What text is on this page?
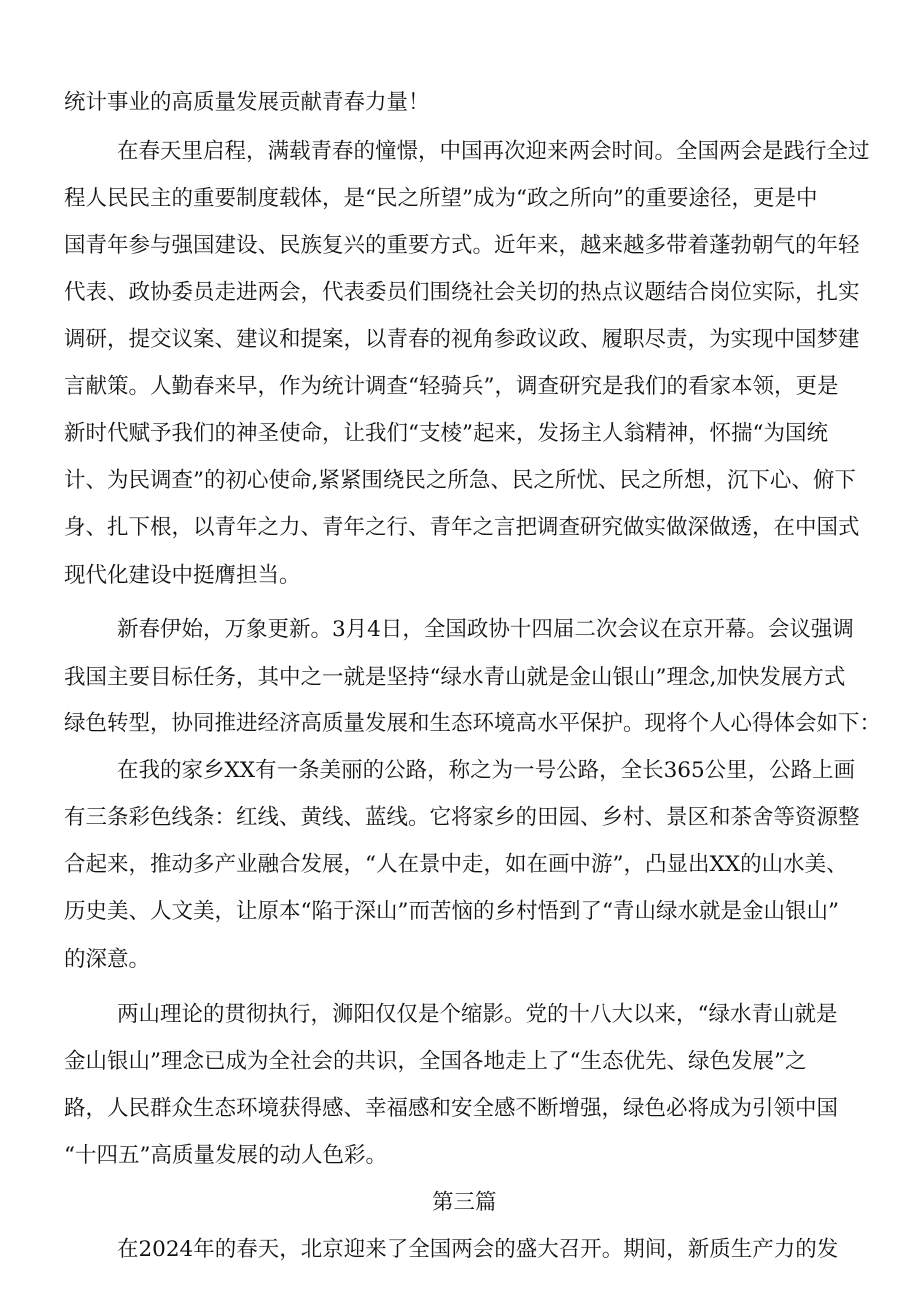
统计事业的高质量发展贡献青春力量！
在春天里启程，满载青春的憧憬，中国再次迎来两会时间。全国两会是践行全过
程人民民主的重要制度载体，是“民之所望”成为“政之所向”的重要途径，更是中
国青年参与强国建设、民族复兴的重要方式。近年来，越来越多带着蓬勃朝气的年轻
代表、政协委员走进两会，代表委员们围绕社会关切的热点议题结合岗位实际，扎实
调研，提交议案、建议和提案，以青春的视角参政议政、履职尽责，为实现中国梦建
言献策。人勤春来早，作为统计调查“轻骑兵”，调查研究是我们的看家本领，更是
新时代赋予我们的神圣使命，让我们“支棱”起来，发扬主人翁精神，怀揣“为国统
计、为民调查”的初心使命,紧紧围绕民之所急、民之所忧、民之所想，沉下心、俯下
身、扎下根，以青年之力、青年之行、青年之言把调查研究做实做深做透，在中国式
现代化建设中挺膺担当。
新春伊始，万象更新。3月4日，全国政协十四届二次会议在京开幕。会议强调
我国主要目标任务，其中之一就是坚持“绿水青山就是金山银山”理念,加快发展方式
绿色转型，协同推进经济高质量发展和生态环境高水平保护。现将个人心得体会如下：
在我的家乡XX有一条美丽的公路，称之为一号公路，全长365公里，公路上画
有三条彩色线条：红线、黄线、蓝线。它将家乡的田园、乡村、景区和茶舍等资源整
合起来，推动多产业融合发展，“人在景中走，如在画中游”，凸显出XX的山水美、
历史美、人文美，让原本“陷于深山”而苦恼的乡村悟到了“青山绿水就是金山银山”
的深意。
两山理论的贯彻执行，浉阳仅仅是个缩影。党的十八大以来，“绿水青山就是
金山银山”理念已成为全社会的共识，全国各地走上了“生态优先、绿色发展”之
路，人民群众生态环境获得感、幸福感和安全感不断增强，绿色必将成为引领中国
“十四五”高质量发展的动人色彩。
第三篇
在2024年的春天，北京迎来了全国两会的盛大召开。期间，新质生产力的发
